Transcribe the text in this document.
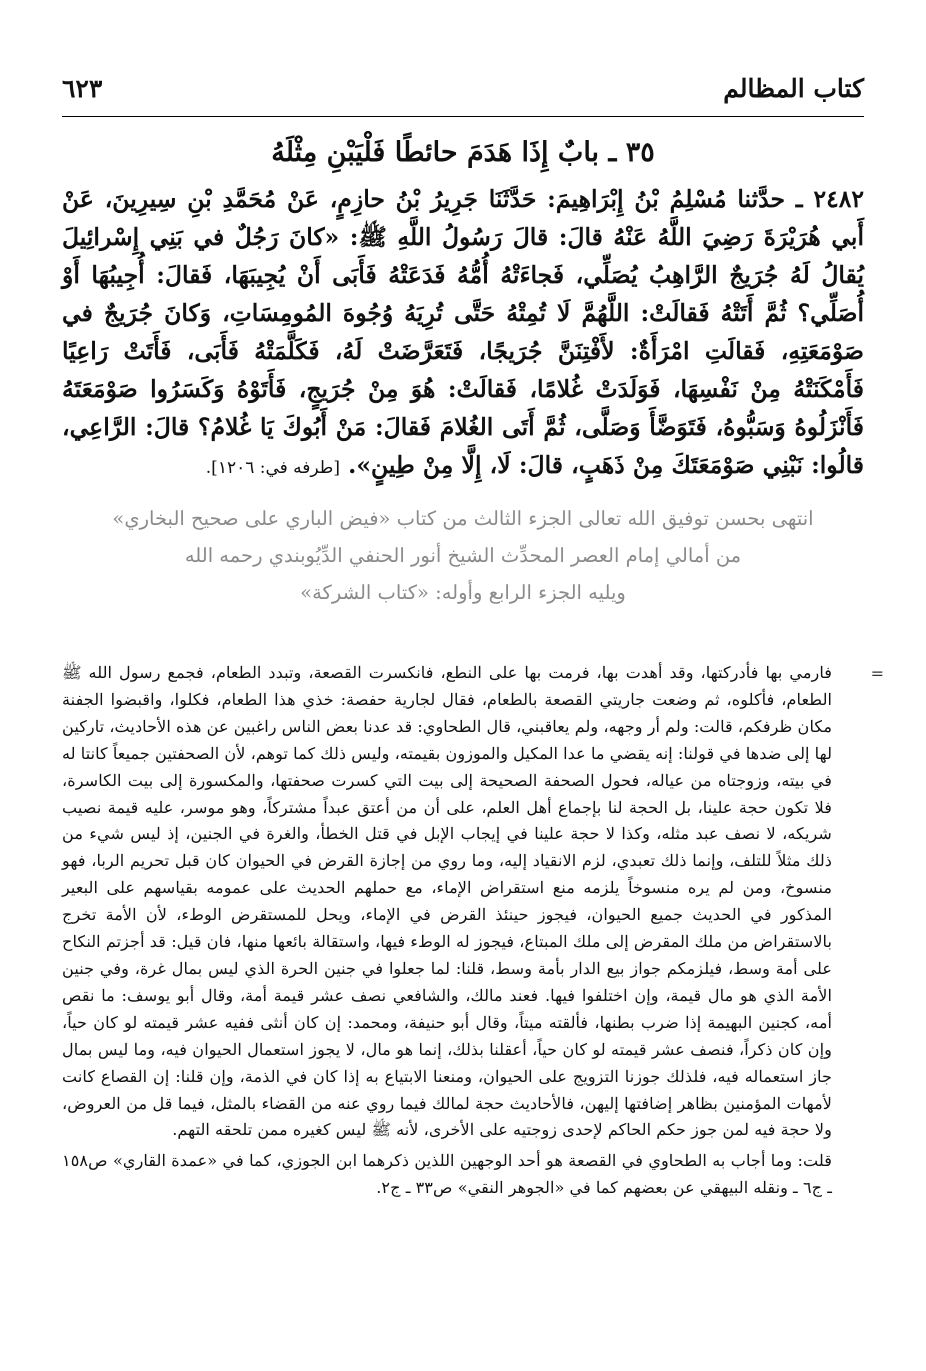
كتاب المظالم
٦٢٣
٣٥ ـ بابٌ إِذَا هَدَمَ حائطًا فَلْيَبْنِ مِثْلَهُ
٢٤٨٢ ـ حدَّثنا مُسْلِمُ بْنُ إِبْرَاهِيمَ: حَدَّثَنَا جَرِيرُ بْنُ حازِمٍ، عَنْ مُحَمَّدِ بْنِ سِيرِينَ، عَنْ أَبي هُرَيْرَةَ رَضِيَ اللَّهُ عَنْهُ قالَ: قالَ رَسُولُ اللَّهِ ﷺ: «كانَ رَجُلٌ في بَنِي إِسْرائِيلَ يُقالُ لَهُ جُرَيجٌ الرَّاهِبُ يُصَلِّي، فَجاءَتْهُ أُمُّهُ فَدَعَتْهُ فَأَبَى أَنْ يُجِيبَهَا، فَقالَ: أُجِيبُهَا أَوْ أُصَلِّي؟ ثُمَّ أَتَتْهُ فَقالَتْ: اللَّهُمَّ لَا تُمِتْهُ حَتَّى تُرِيَهُ وُجُوهَ المُومِسَاتِ، وَكانَ جُرَيجٌ في صَوْمَعَتِهِ، فَقالَتِ امْرَأَةٌ: لأَفْتِنَنَّ جُرَيجًا، فَتَعَرَّضَتْ لَهُ، فَكَلَّمَتْهُ فَأَبَى، فَأَتَتْ رَاعِيًا فَأَمْكَنَتْهُ مِنْ نَفْسِهَا، فَوَلَدَتْ غُلامًا، فَقالَتْ: هُوَ مِنْ جُرَيجٍ، فَأَتَوْهُ وَكَسَرُوا صَوْمَعَتَهُ فَأَنْزَلُوهُ وَسَبُّوهُ، فَتَوَضَّأَ وَصَلَّى، ثُمَّ أَتَى الغُلامَ فَقالَ: مَنْ أَبُوكَ يَا غُلامُ؟ قالَ: الرَّاعِي، قالُوا: نَبْنِي صَوْمَعَتَكَ مِنْ ذَهَبٍ، قالَ: لَا، إِلَّا مِنْ طِينٍ». [طرفه في: ١٢٠٦].
انتهى بحسن توفيق الله تعالى الجزء الثالث من كتاب «فيض الباري على صحيح البخاري»
من أمالي إمام العصر المحدِّث الشيخ أنور الحنفي الدِّيُوبندي رحمه الله
ويليه الجزء الرابع وأوله: «كتاب الشركة»
=

فارمي بها فأدركتها، وقد أهدت بها، فرمت بها على النطع، فانكسرت القصعة، وتبدد الطعام، فجمع رسول الله ﷺ الطعام، فأكلوه، ثم وضعت جاريتي القصعة بالطعام، فقال لجارية حفصة: خذي هذا الطعام، فكلوا، واقبضوا الجفنة مكان ظرفكم، قالت: ولم أر وجهه، ولم يعاقبني، قال الطحاوي: قد عدنا بعض الناس راغبين عن هذه الأحاديث، تاركين لها إلى ضدها في قولنا: إنه يقضي ما عدا المكيل والموزون بقيمته، وليس ذلك كما توهم، لأن الصحفتين جميعاً كانتا له في بيته، وزوجتاه من عياله، فحول الصحفة الصحيحة إلى بيت التي كسرت صحفتها، والمكسورة إلى بيت الكاسرة، فلا تكون حجة علينا، بل الحجة لنا بإجماع أهل العلم، على أن من أعتق عبداً مشتركاً، وهو موسر، عليه قيمة نصيب شريكه، لا نصف عبد مثله، وكذا لا حجة علينا في إيجاب الإبل في قتل الخطأ، والغرة في الجنين، إذ ليس شيء من ذلك مثلاً للتلف، وإنما ذلك تعبدي، لزم الانقياد إليه، وما روي من إجازة القرض في الحيوان كان قبل تحريم الربا، فهو منسوخ، ومن لم يره منسوخاً يلزمه منع استقراض الإماء، مع حملهم الحديث على عمومه بقياسهم على البعير المذكور في الحديث جميع الحيوان، فيجوز حينئذ القرض في الإماء، ويحل للمستقرض الوطء، لأن الأمة تخرج بالاستقراض من ملك المقرض إلى ملك المبتاع، فيجوز له الوطء فيها، واستقالة بائعها منها، فان قيل: قد أجزتم النكاح على أمة وسط، فيلزمكم جواز بيع الدار بأمة وسط، قلنا: لما جعلوا في جنين الحرة الذي ليس بمال غرة، وفي جنين الأمة الذي هو مال قيمة، وإن اختلفوا فيها. فعند مالك، والشافعي نصف عشر قيمة أمة، وقال أبو يوسف: ما نقص أمه، كجنين البهيمة إذا ضرب بطنها، فألقته ميتاً، وقال أبو حنيفة، ومحمد: إن كان أنثى ففيه عشر قيمته لو كان حياً، وإن كان ذكراً، فنصف عشر قيمته لو كان حياً، أعقلنا بذلك، إنما هو مال، لا يجوز استعمال الحيوان فيه، وما ليس بمال جاز استعماله فيه، فلذلك جوزنا التزويج على الحيوان، ومنعنا الابتياع به إذا كان في الذمة، وإن قلنا: إن القصاع كانت لأمهات المؤمنين بظاهر إضافتها إليهن، فالأحاديث حجة لمالك فيما روي عنه من القضاء بالمثل، فيما قل من العروض، ولا حجة فيه لمن جوز حكم الحاكم لإحدى زوجتيه على الأخرى، لأنه ﷺ ليس كغيره ممن تلحقه التهم.

قلت: وما أجاب به الطحاوي في القصعة هو أحد الوجهين اللذين ذكرهما ابن الجوزي، كما في «عمدة القاري» ص١٥٨ ـ ج٦ ـ ونقله البيهقي عن بعضهم كما في «الجوهر النقي» ص٣٣ ـ ج٢.
